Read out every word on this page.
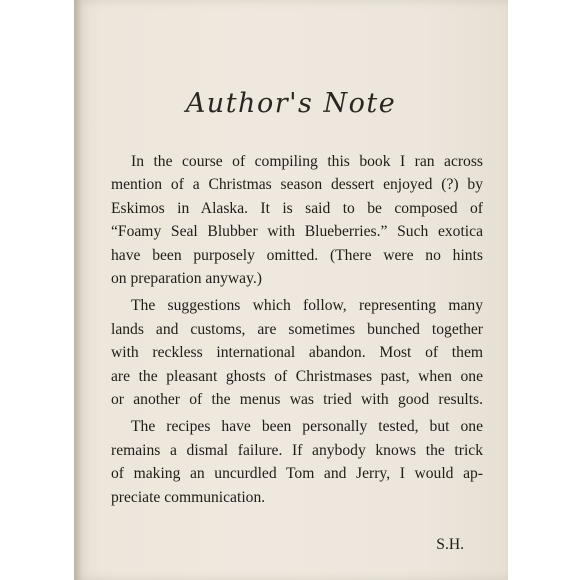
Author's Note
In the course of compiling this book I ran across
mention of a Christmas season dessert enjoyed (?) by
Eskimos in Alaska. It is said to be composed of
“Foamy Seal Blubber with Blueberries.” Such exotica
have been purposely omitted. (There were no hints
on preparation anyway.)
The suggestions which follow, representing many
lands and customs, are sometimes bunched together
with reckless international abandon. Most of them
are the pleasant ghosts of Christmases past, when one
or another of the menus was tried with good results.
The recipes have been personally tested, but one
remains a dismal failure. If anybody knows the trick
of making an uncurdled Tom and Jerry, I would ap-
preciate communication.
S.H.
